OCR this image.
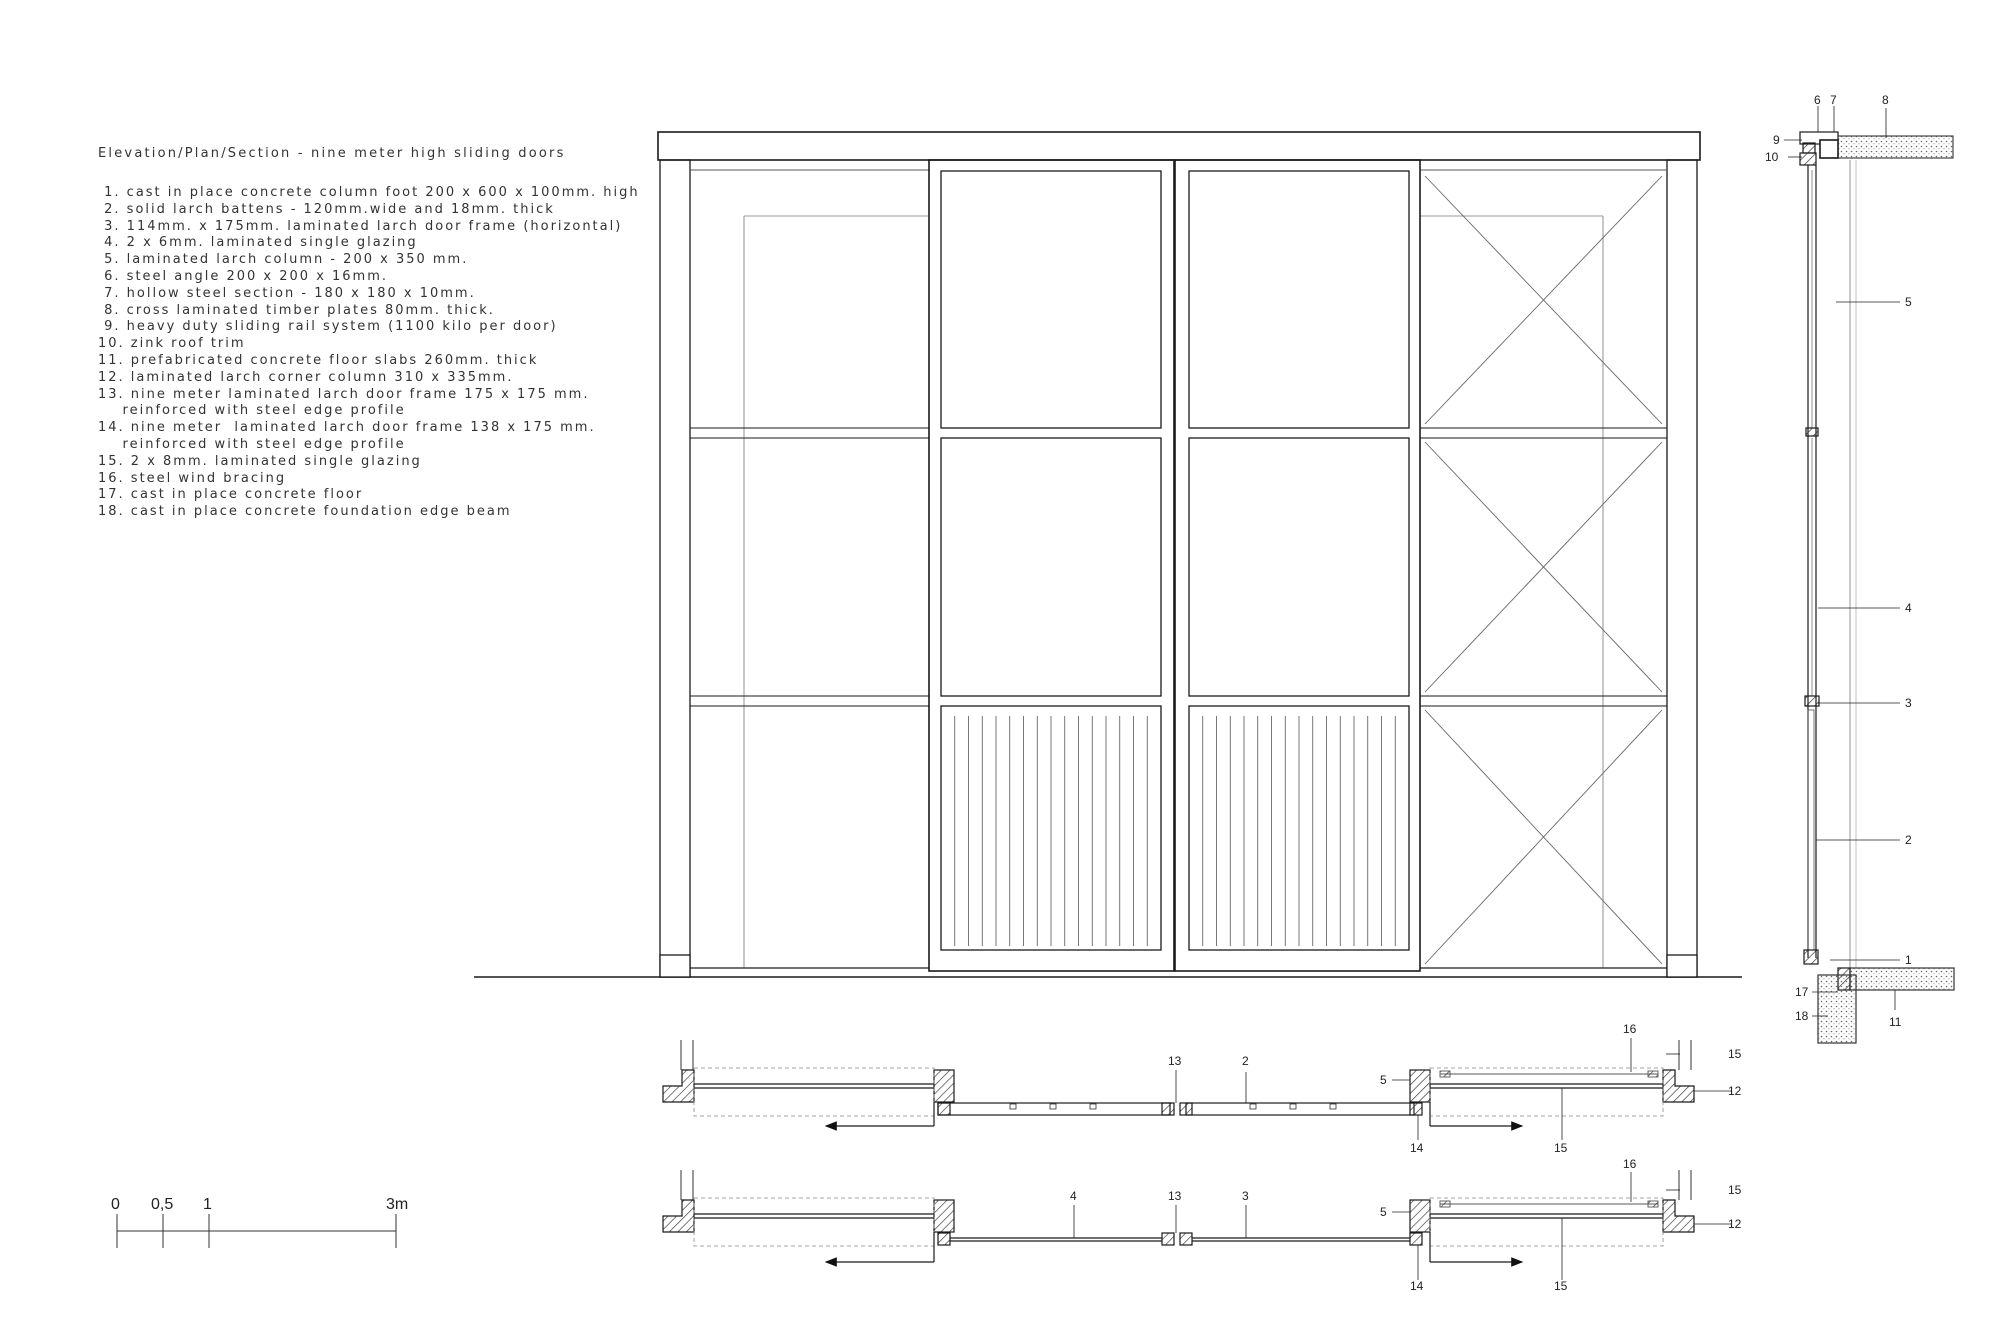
6 7	8
9
10
5
4
3
2
1
17
18	11
13	2
16
15
5
12
14	15
4	13	3
16
15
5
12
14	15
Elevation/Plan/Section - nine meter high sliding doors
1. cast in place concrete column foot 200 x 600 x 100mm. high
2. solid larch battens - 120mm.wide and 18mm. thick
3. 114mm. x 175mm. laminated larch door frame (horizontal)
4. 2 x 6mm. laminated single glazing
5. laminated larch column - 200 x 350 mm.
6. steel angle 200 x 200 x 16mm.
7. hollow steel section - 180 x 180 x 10mm.
8. cross laminated timber plates 80mm. thick.
9. heavy duty sliding rail system (1100 kilo per door)
10. zink roof trim
11. prefabricated concrete floor slabs 260mm. thick
12. laminated larch corner column 310 x 335mm.
13. nine meter laminated larch door frame 175 x 175 mm.
reinforced with steel edge profile
14. nine meter  laminated larch door frame 138 x 175 mm.
reinforced with steel edge profile
15. 2 x 8mm. laminated single glazing
16. steel wind bracing
17. cast in place concrete floor
18. cast in place concrete foundation edge beam
0 0,5 1	3m
